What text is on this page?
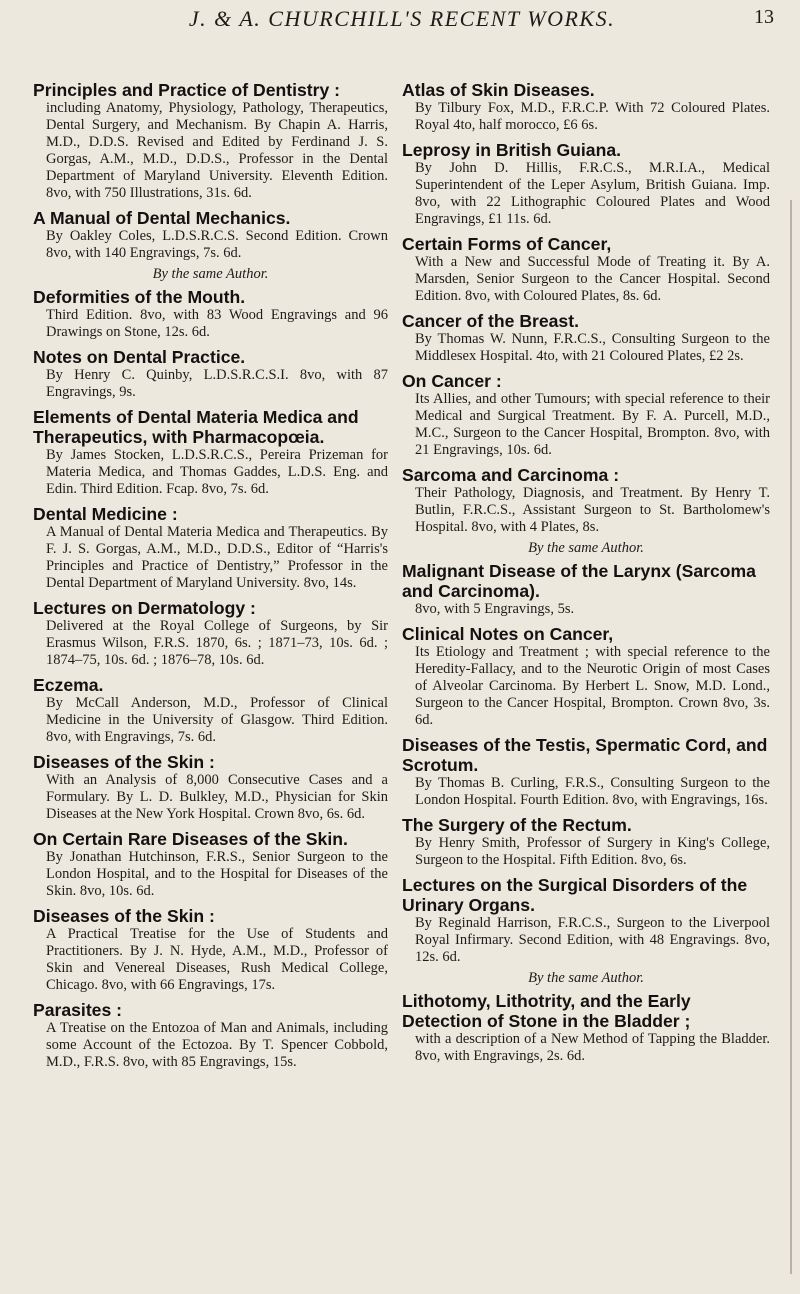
J. & A. CHURCHILL'S RECENT WORKS.	13
Principles and Practice of Dentistry :
including Anatomy, Physiology, Pathology, Therapeutics, Dental Surgery, and Mechanism. By Chapin A. Harris, M.D., D.D.S. Revised and Edited by Ferdinand J. S. Gorgas, A.M., M.D., D.D.S., Professor in the Dental Department of Maryland University. Eleventh Edition. 8vo, with 750 Illustrations, 31s. 6d.
A Manual of Dental Mechanics.
By Oakley Coles, L.D.S.R.C.S. Second Edition. Crown 8vo, with 140 Engravings, 7s. 6d.
By the same Author.
Deformities of the Mouth.
Third Edition. 8vo, with 83 Wood Engravings and 96 Drawings on Stone, 12s. 6d.
Notes on Dental Practice.
By Henry C. Quinby, L.D.S.R.C.S.I. 8vo, with 87 Engravings, 9s.
Elements of Dental Materia Medica and Therapeutics, with Pharmacopœia.
By James Stocken, L.D.S.R.C.S., Pereira Prizeman for Materia Medica, and Thomas Gaddes, L.D.S. Eng. and Edin. Third Edition. Fcap. 8vo, 7s. 6d.
Dental Medicine :
A Manual of Dental Materia Medica and Therapeutics. By F. J. S. Gorgas, A.M., M.D., D.D.S., Editor of “Harris's Principles and Practice of Dentistry,” Professor in the Dental Department of Maryland University. 8vo, 14s.
Lectures on Dermatology :
Delivered at the Royal College of Surgeons, by Sir Erasmus Wilson, F.R.S. 1870, 6s. ; 1871–73, 10s. 6d. ; 1874–75, 10s. 6d. ; 1876–78, 10s. 6d.
Eczema.
By McCall Anderson, M.D., Professor of Clinical Medicine in the University of Glasgow. Third Edition. 8vo, with Engravings, 7s. 6d.
Diseases of the Skin :
With an Analysis of 8,000 Consecutive Cases and a Formulary. By L. D. Bulkley, M.D., Physician for Skin Diseases at the New York Hospital. Crown 8vo, 6s. 6d.
On Certain Rare Diseases of the Skin.
By Jonathan Hutchinson, F.R.S., Senior Surgeon to the London Hospital, and to the Hospital for Diseases of the Skin. 8vo, 10s. 6d.
Diseases of the Skin :
A Practical Treatise for the Use of Students and Practitioners. By J. N. Hyde, A.M., M.D., Professor of Skin and Venereal Diseases, Rush Medical College, Chicago. 8vo, with 66 Engravings, 17s.
Parasites :
A Treatise on the Entozoa of Man and Animals, including some Account of the Ectozoa. By T. Spencer Cobbold, M.D., F.R.S. 8vo, with 85 Engravings, 15s.
Atlas of Skin Diseases.
By Tilbury Fox, M.D., F.R.C.P. With 72 Coloured Plates. Royal 4to, half morocco, £6 6s.
Leprosy in British Guiana.
By John D. Hillis, F.R.C.S., M.R.I.A., Medical Superintendent of the Leper Asylum, British Guiana. Imp. 8vo, with 22 Lithographic Coloured Plates and Wood Engravings, £1 11s. 6d.
Certain Forms of Cancer,
With a New and Successful Mode of Treating it. By A. Marsden, Senior Surgeon to the Cancer Hospital. Second Edition. 8vo, with Coloured Plates, 8s. 6d.
Cancer of the Breast.
By Thomas W. Nunn, F.R.C.S., Consulting Surgeon to the Middlesex Hospital. 4to, with 21 Coloured Plates, £2 2s.
On Cancer :
Its Allies, and other Tumours; with special reference to their Medical and Surgical Treatment. By F. A. Purcell, M.D., M.C., Surgeon to the Cancer Hospital, Brompton. 8vo, with 21 Engravings, 10s. 6d.
Sarcoma and Carcinoma :
Their Pathology, Diagnosis, and Treatment. By Henry T. Butlin, F.R.C.S., Assistant Surgeon to St. Bartholomew's Hospital. 8vo, with 4 Plates, 8s.
By the same Author.
Malignant Disease of the Larynx (Sarcoma and Carcinoma).
8vo, with 5 Engravings, 5s.
Clinical Notes on Cancer,
Its Etiology and Treatment ; with special reference to the Heredity-Fallacy, and to the Neurotic Origin of most Cases of Alveolar Carcinoma. By Herbert L. Snow, M.D. Lond., Surgeon to the Cancer Hospital, Brompton. Crown 8vo, 3s. 6d.
Diseases of the Testis, Spermatic Cord, and Scrotum.
By Thomas B. Curling, F.R.S., Consulting Surgeon to the London Hospital. Fourth Edition. 8vo, with Engravings, 16s.
The Surgery of the Rectum.
By Henry Smith, Professor of Surgery in King's College, Surgeon to the Hospital. Fifth Edition. 8vo, 6s.
Lectures on the Surgical Disorders of the Urinary Organs.
By Reginald Harrison, F.R.C.S., Surgeon to the Liverpool Royal Infirmary. Second Edition, with 48 Engravings. 8vo, 12s. 6d.
By the same Author.
Lithotomy, Lithotrity, and the Early Detection of Stone in the Bladder ;
with a description of a New Method of Tapping the Bladder. 8vo, with Engravings, 2s. 6d.
